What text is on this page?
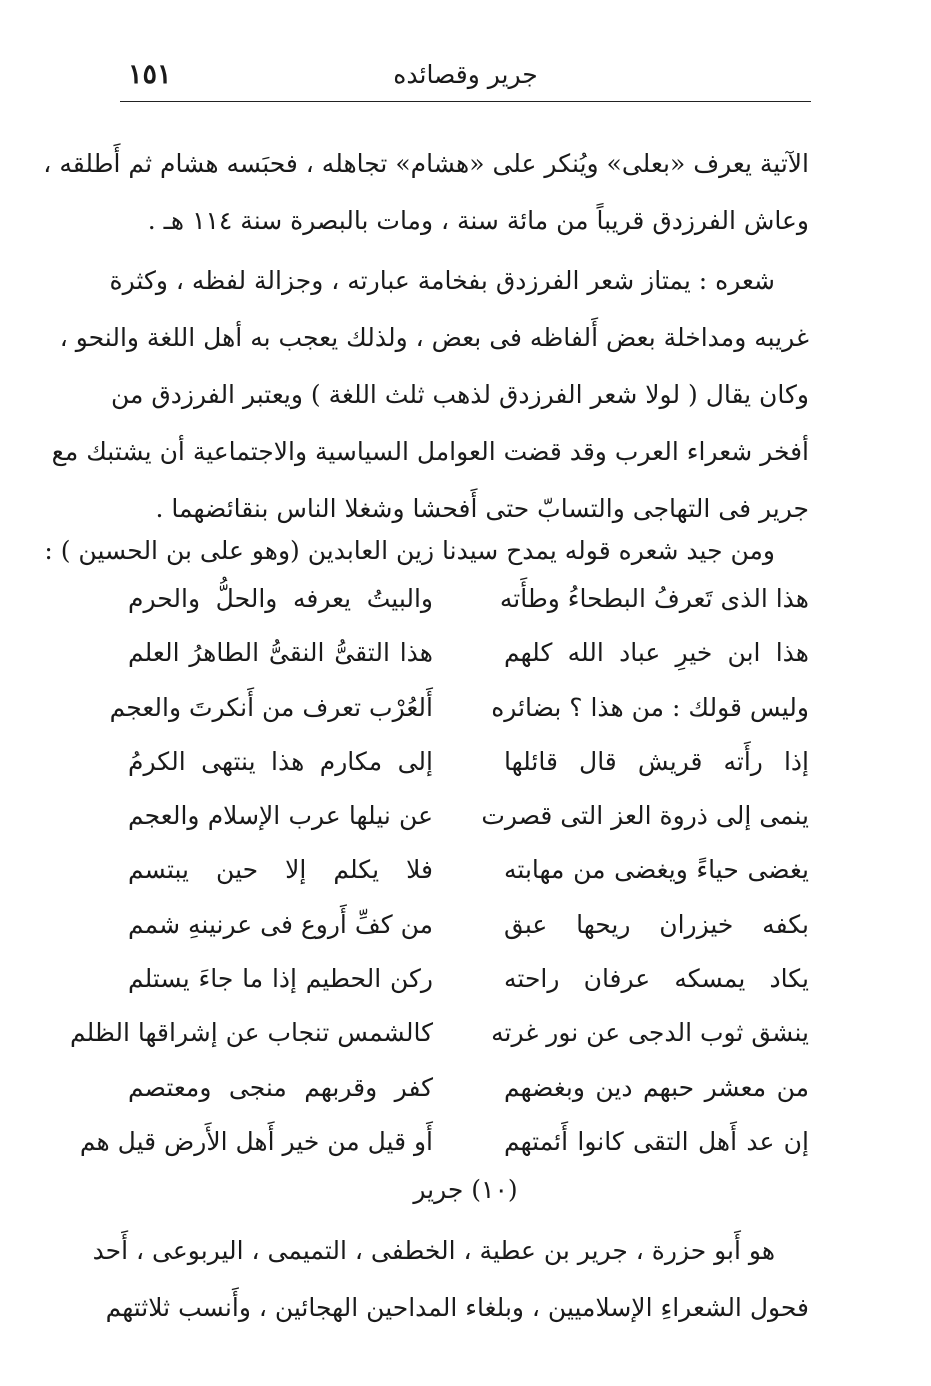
جرير وقصائده
١٥١
الآتية يعرف «بعلى» ويُنكر على «هشام» تجاهله ، فحبَسه هشام ثم أَطلقه ،
وعاش الفرزدق قريباً من مائة سنة ، ومات بالبصرة سنة ١١٤ هـ .
شعره : يمتاز شعر الفرزدق بفخامة عبارته ، وجزالة لفظه ، وكثرة
غريبه ومداخلة بعض أَلفاظه فى بعض ، ولذلك يعجب به أهل اللغة والنحو ،
وكان يقال ( لولا شعر الفرزدق لذهب ثلث اللغة ) ويعتبر الفرزدق من
أفخر شعراء العرب وقد قضت العوامل السياسية والاجتماعية أن يشتبك مع
جرير فى التهاجى والتسابّ حتى أَفحشا وشغلا الناس بنقائضهما .
ومن جيد شعره قوله يمدح سيدنا زين العابدين (وهو على بن الحسين ) :
هذا الذى تَعرفُ البطحاءُ وطأَته
والبيتُ يعرفه والحلُّ والحرم
هذا ابن خيرِ عباد الله كلهم
هذا التقىُّ النقىُّ الطاهرُ العلم
وليس قولك : من هذا ؟ بضائره
أَلعُرْب تعرف من أَنكرتَ والعجم
إذا رأَته قريش قال قائلها
إلى مكارم هذا ينتهى الكرمُ
ينمى إلى ذروة العز التى قصرت
عن نيلها عرب الإسلام والعجم
يغضى حياءً ويغضى من مهابته
فلا يكلم إلا حين يبتسم
بكفه خيزران ريحها عبق
من كفِّ أَروع فى عرنينهِ شمم
يكاد يمسكه عرفان راحته
ركن الحطيم إذا ما جاءَ يستلم
ينشق ثوب الدجى عن نور غرته
كالشمس تنجاب عن إشراقها الظلم
من معشر حبهم دين وبغضهم
كفر وقربهم منجى ومعتصم
إن عد أَهل التقى كانوا أَئمتهم
أَو قيل من خير أَهل الأَرض قيل هم
(١٠) جرير
هو أَبو حزرة ، جرير بن عطية ، الخطفى ، التميمى ، اليربوعى ، أَحد
فحول الشعراءِ الإسلاميين ، وبلغاء المداحين الهجائين ، وأَنسب ثلاثتهم
